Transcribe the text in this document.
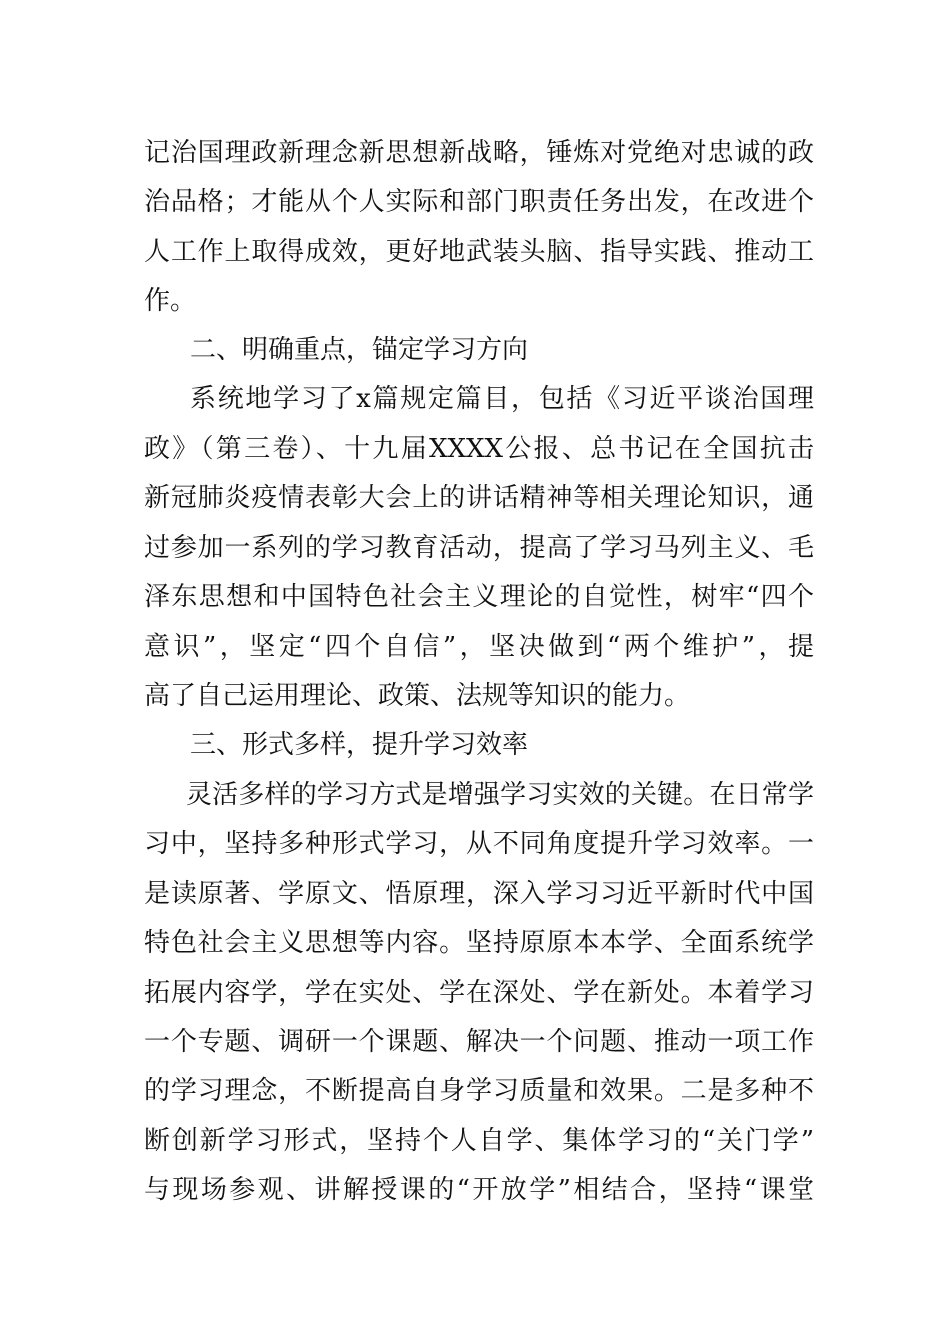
记治国理政新理念新思想新战略，锤炼对党绝对忠诚的政
治品格；才能从个人实际和部门职责任务出发，在改进个
人工作上取得成效，更好地武装头脑、指导实践、推动工
作。
二、明确重点，锚定学习方向
系统地学习了x篇规定篇目，包括《习近平谈治国理
政》（第三卷）、十九届XXXX公报、总书记在全国抗击
新冠肺炎疫情表彰大会上的讲话精神等相关理论知识，通
过参加一系列的学习教育活动，提高了学习马列主义、毛
泽东思想和中国特色社会主义理论的自觉性，树牢“四个
意识”，坚定“四个自信”，坚决做到“两个维护”，提
高了自己运用理论、政策、法规等知识的能力。
三、形式多样，提升学习效率
灵活多样的学习方式是增强学习实效的关键。在日常学
习中，坚持多种形式学习，从不同角度提升学习效率。一
是读原著、学原文、悟原理，深入学习习近平新时代中国
特色社会主义思想等内容。坚持原原本本学、全面系统学
拓展内容学，学在实处、学在深处、学在新处。本着学习
一个专题、调研一个课题、解决一个问题、推动一项工作
的学习理念，不断提高自身学习质量和效果。二是多种不
断创新学习形式，坚持个人自学、集体学习的“关门学”
与现场参观、讲解授课的“开放学”相结合，坚持“课堂
